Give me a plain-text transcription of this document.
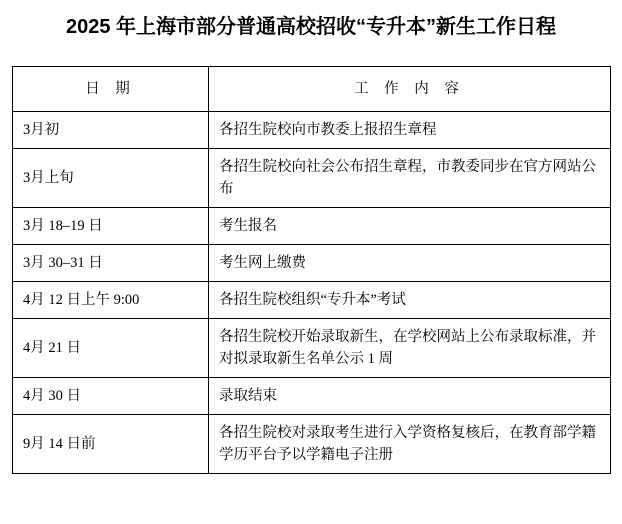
2025 年上海市部分普通高校招收“专升本”新生工作日程
日 期	工 作 内 容
3月初	各招生院校向市教委上报招生章程
3月上旬	各招生院校向社会公布招生章程，市教委同步在官方网站公布
3月 18–19 日	考生报名
3月 30–31 日	考生网上缴费
4月 12 日上午 9:00	各招生院校组织“专升本”考试
4月 21 日	各招生院校开始录取新生，在学校网站上公布录取标准，并对拟录取新生名单公示 1 周
4月 30 日	录取结束
9月 14 日前	各招生院校对录取考生进行入学资格复核后，在教育部学籍学历平台予以学籍电子注册
